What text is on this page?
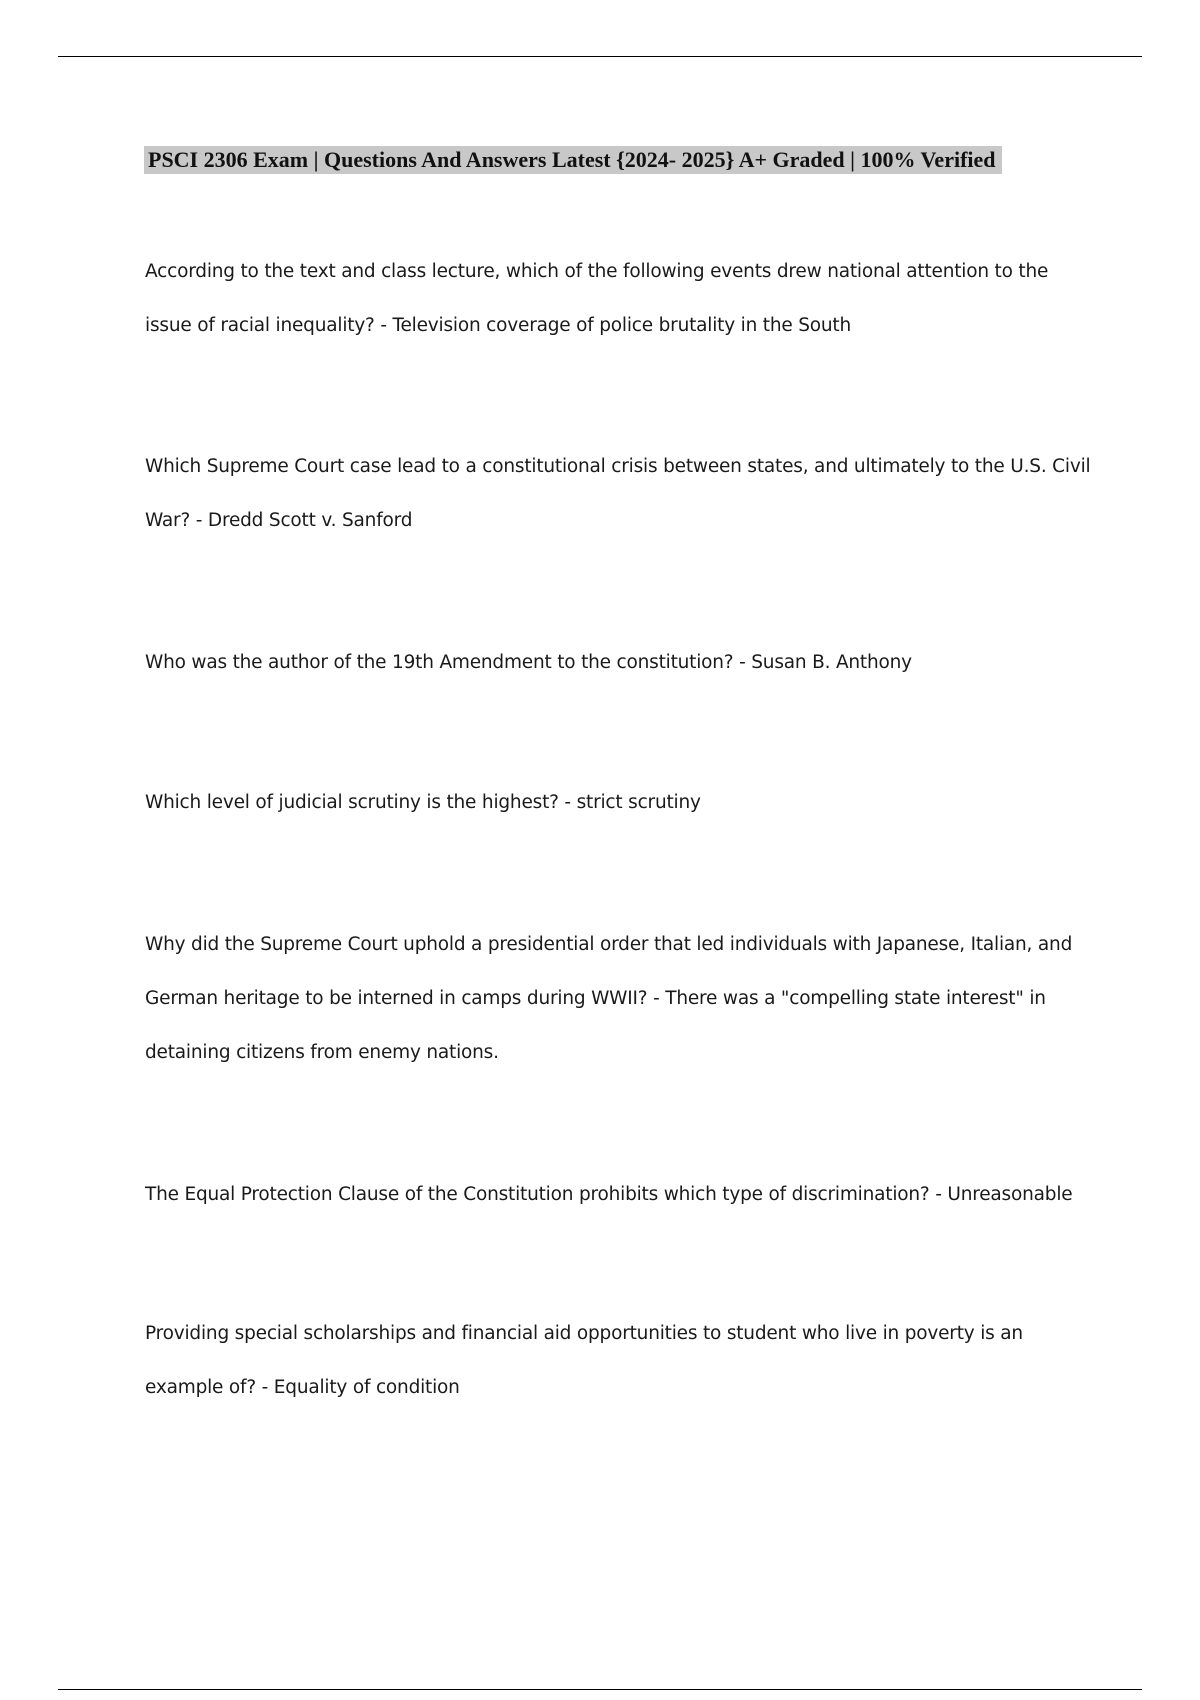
PSCI 2306 Exam | Questions And Answers Latest {2024- 2025} A+ Graded | 100% Verified

According to the text and class lecture, which of the following events drew national attention to the issue of racial inequality? - Television coverage of police brutality in the South

Which Supreme Court case lead to a constitutional crisis between states, and ultimately to the U.S. Civil War? - Dredd Scott v. Sanford

Who was the author of the 19th Amendment to the constitution? - Susan B. Anthony

Which level of judicial scrutiny is the highest? - strict scrutiny

Why did the Supreme Court uphold a presidential order that led individuals with Japanese, Italian, and German heritage to be interned in camps during WWII? - There was a "compelling state interest" in detaining citizens from enemy nations.

The Equal Protection Clause of the Constitution prohibits which type of discrimination? - Unreasonable

Providing special scholarships and financial aid opportunities to student who live in poverty is an example of? - Equality of condition
